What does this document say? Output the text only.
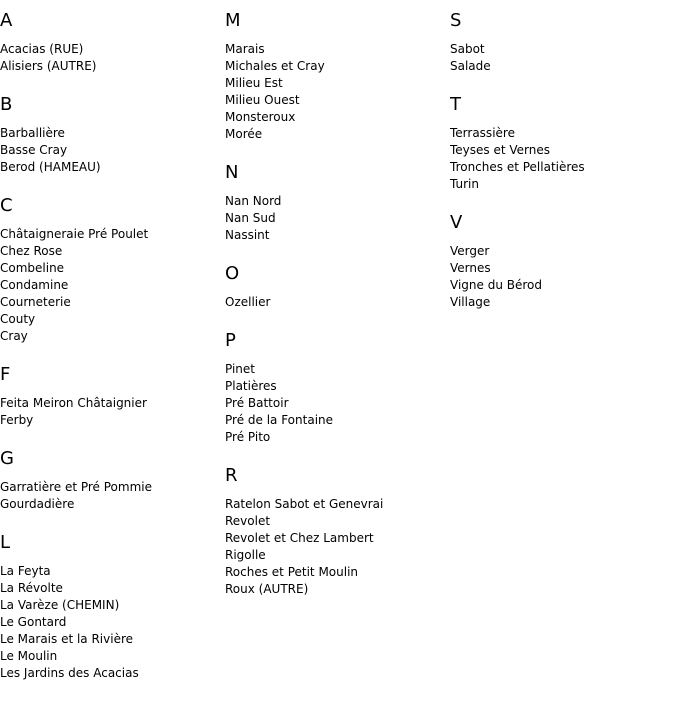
A
Acacias (RUE)
Alisiers (AUTRE)
B
Barballière
Basse Cray
Berod (HAMEAU)
C
Châtaigneraie Pré Poulet
Chez Rose
Combeline
Condamine
Courneterie
Couty
Cray
F
Feita Meiron Châtaignier
Ferby
G
Garratière et Pré Pommie
Gourdadière
L
La Feyta
La Révolte
La Varèze (CHEMIN)
Le Gontard
Le Marais et la Rivière
Le Moulin
Les Jardins des Acacias
M
Marais
Michales et Cray
Milieu Est
Milieu Ouest
Monsteroux
Morée
N
Nan Nord
Nan Sud
Nassint
O
Ozellier
P
Pinet
Platières
Pré Battoir
Pré de la Fontaine
Pré Pito
R
Ratelon Sabot et Genevrai
Revolet
Revolet et Chez Lambert
Rigolle
Roches et Petit Moulin
Roux (AUTRE)
S
Sabot
Salade
T
Terrassière
Teyses et Vernes
Tronches et Pellatières
Turin
V
Verger
Vernes
Vigne du Bérod
Village
